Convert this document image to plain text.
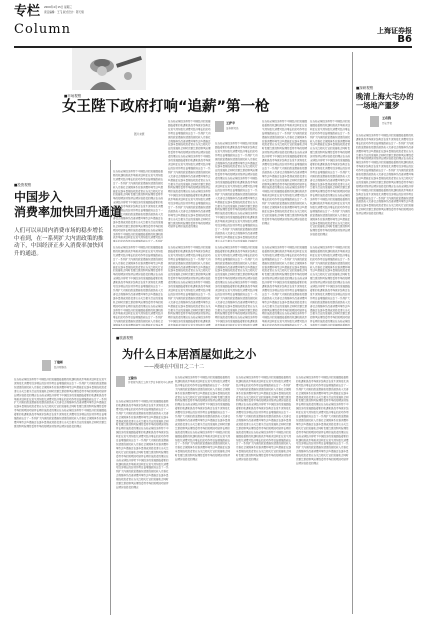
专栏
Column
2009年4月15日 星期三
责任编辑：王飞 版式设计：陈天翔
上海证券报
B6
■市场观察
女王陛下政府打响“追薪”第一枪
图片来源
王萨辛
证券研究员
在当前全球经济形势下中国经济的发展面临着新的机遇和挑战市场需求结构正在发生深刻变化消费对经济增长的拉动作用日益增强政府出台了一系列扩大内需的政策措施包括提高居民收入完善社会保障体系改善消费环境等这些措施正在逐步显现成效投资者应当关注相关行业的发展机会同时也要注意控制风险理性看待市场的短期波动坚持长期价值投资的理念在当前全球经济形势下中国经济的发展面临着新的机遇和挑战市场需求结构正在发生深刻变化消费对经济增长的拉动作用日益增强政府出台了一系列扩大内需的政策措施包括提高居民收入完善社会保障体系改善消费环境等这些措施正在逐步显现成效投资者应当关注相关行业的发展机会同时也要注意控制风险理性看待市场的短期波动坚持长期价值投资的理念在当前全球经济形势下中国经济的发展面临着新的机遇和挑战市场需求结构正在发生深刻变化消费对经济增长的拉动作用日益增强政府出台了一系列扩大内需的政策措施包括提高居民收入完善社会保障体系改善消费环境等这些措施正在逐步显现成效投资者应当关注相关行业的发展机会同时也要注意控制风险理性看待市场的短期波动坚持长期价值投资的理念
在当前全球经济形势下中国经济的发展面临着新的机遇和挑战市场需求结构正在发生深刻变化消费对经济增长的拉动作用日益增强政府出台了一系列扩大内需的政策措施包括提高居民收入完善社会保障体系改善消费环境等这些措施正在逐步显现成效投资者应当关注相关行业的发展机会同时也要注意控制风险理性看待市场的短期波动坚持长期价值投资的理念在当前全球经济形势下中国经济的发展面临着新的机遇和挑战市场需求结构正在发生深刻变化消费对经济增长的拉动作用日益增强政府出台了一系列扩大内需的政策措施包括提高居民收入完善社会保障体系改善消费环境等这些措施正在逐步显现成效投资者应当关注相关行业的发展机会同时也要注意控制风险理性看待市场的短期波动坚持长期价值投资的理念在当前全球经济形势下中国经济的发展面临着新的机遇和挑战市场需求结构正在发生深刻变化消费对经济增长的拉动作用日益增强政府出台了一系列扩大内需的政策措施包括提高居民收入完善社会保障体系改善消费环境等这些措施正在逐步显现成效投资者应当关注相关行业的发展机会同时也
在当前全球经济形势下中国经济的发展面临着新的机遇和挑战市场需求结构正在发生深刻变化消费对经济增长的拉动作用日益增强政府出台了一系列扩大内需的政策措施包括提高居民收入完善社会保障体系改善消费环境等这些措施正在逐步显现成效投资者应当关注相关行业的发展机会同时也要注意控制风险理性看待市场的短期波动坚持长期价值投资的理念在当前全球经济形势下中国经济的发展面临着新的机遇和挑战市场需求结构正在发生深刻变化消费对经济增长的拉动作用日益增强政府出台了一系列扩大内需的政策措施包括提高居民收入完善社会保障体系改善消费环境等这些措施正在逐步显现成效投资者应当关注相关行业的发展机会同时也要注意控制风险理性看待市场的短期波动坚持长期价值投资的理念在当前全球经济形势下中国经济的发展面临着新的机遇和挑战市场需求结构正在发生深刻变化消费对经济增长的拉动作用日益增强政府出台了一系列扩大内需的政策措施包括提高居民收入完善社会保障体系改善消费环境等这些措施正在逐步显现成效投资者应当关注相关行业的发展机会同时也要注意控制风险理性看待市场的短期波动坚持长期价值投资的理念
在当前全球经济形势下中国经济的发展面临着新的机遇和挑战市场需求结构正在发生深刻变化消费对经济增长的拉动作用日益增强政府出台了一系列扩大内需的政策措施包括提高居民收入完善社会保障体系改善消费环境等这些措施正在逐步显现成效投资者应当关注相关行业的发展机会同时也要注意控制风险理性看待市场的短期波动坚持长期价值投资的理念在当前全球经济形势下中国经济的发展面临着新的机遇和挑战市场需求结构正在发生深刻变化消费对经济增长的拉动作用日益增强政府出台了一系列扩大内需的政策措施包括提高居民收入完善社会保障体系改善消费环境等这些措施正在逐步显现成效投资者应当关注相关行业的发展机会同时也要注意控制风险理性看待市场的短期波动坚持长期价值投资的理念在当前全球经济形势下中国经济的发展面临着新的机遇和挑战市场需求结构正在发生深刻变化消费对经济增长的拉动作用日益增强政府出台了一系列扩大内需的政策措施包括提高居民收入完善社会保障体系改善消费环境等这些措施正在逐步显现成效投资者应当关注相关行业的发展机会同时也要注意控制风险理性看待市场的短期波动坚持长期价值投资的理念
在当前全球经济形势下中国经济的发展面临着新的机遇和挑战市场需求结构正在发生深刻变化消费对经济增长的拉动作用日益增强政府出台了一系列扩大内需的政策措施包括提高居民收入完善社会保障体系改善消费环境等这些措施正在逐步显现成效投资者应当关注相关行业的发展机会同时也要注意控制风险理性看待市场的短期波动坚持长期价值投资的理念在当前全球经济形势下中国经济的发展面临着新的机遇和挑战市场需求结构正在发生深刻变化消费对经济增长的拉动作用日益增强政府出台了一系列扩大内需的政策措施包括提高居民收入完善社会保障体系改善消费环境等这些措施正在逐步显现成效投资者应当关注相关行业的发展机会同时也要注意控制风险理性看待市场的短期波动坚持长期价值投资的理念在当前全球经济形势下中国经济的发展面临着新的机遇和挑战市场需求结构正在发生深刻变化消费对经济增长的拉动作用日益增强政府出台了一系列扩
■投资观察
中国步入
消费率加快回升通道
人们可以从国内消费市场的稳步增长中看到，在一系列扩大内需政策的推动下，中国经济正步入消费率加快回升的通道。
丁建彬
经济观察员
在当前全球经济形势下中国经济的发展面临着新的机遇和挑战市场需求结构正在发生深刻变化消费对经济增长的拉动作用日益增强政府出台了一系列扩大内需的政策措施包括提高居民收入完善社会保障体系改善消费环境等这些措施正在逐步显现成效投资者应当关注相关行业的发展机会同时也要注意控制风险理性看待市场的短期波动坚持长期价值投资的理念在当前全球经济形势下中国经济的发展面临着新的机遇和挑战市场需求结构正在发生深刻变化消费对经济增长的拉动作用日益增强政府出台了一系列扩大内需的政策措施包括提高居民收入完善社会保障体系改善消费环境等这些措施正在逐步显现成效投资者应当关注相关行业的发展机会同时也要注意控制风险理性看待市场的短期波动坚持长期价值投资的理念在当前全球经济形势下中国经济的发展面临着新的机遇和挑战市场需求结构正在发生深刻变化消费对经济增长的拉动作用日益增强政府出台了一系列扩大内需的政策措施包括提高居民收入完善社会保障体系改善消费环境等这些措施正在逐步显现成效投资者应当关注相关行业的发展机会同时也要注意控制风险理性看待市场的短期波动坚持长期价值投资的理念
在当前全球经济形势下中国经济的发展面临着新的机遇和挑战市场需求结构正在发生深刻变化消费对经济增长的拉动作用日益增强政府出台了一系列扩大内需的政策措施包括提高居民收入完善社会保障体系改善消费环境等这些措施正在逐步显现成效投资者应当关注相关行业的发展机会同时也要注意控制风险理性看待市场的短期波动坚持长期价值投资的理念在当前全球经济形势下中国经济的发展面临着新的机遇和挑战市场需求结构正在发生深刻变化消费对经济增长的拉动作用日益增强政府出台了一系列扩大内需的政策措施包括提高居民收入完善社会保障体系改善消费环境等这些措施正在逐步显现成效投资者应当关注相关行业的发展机会同时也要注意控制风险理性看待市场的短期波动坚持长期价值投资的理念在当前全球经济形势下中国经济的发展面临着新的机遇和挑战市场需求结构正在发生深刻变化消费对经济增长的拉动作用日益增强政府出台了一系列扩大内需的政策措施包括提高居民收入完善社会保障体系改善消费环境等这些措施正在逐步显
在当前全球经济形势下中国经济的发展面临着新的机遇和挑战市场需求结构正在发生深刻变化消费对经济增长的拉动作用日益增强政府出台了一系列扩大内需的政策措施包括提高居民收入完善社会保障体系改善消费环境等这些措施正在逐步显现成效投资者应当关注相关行业的发展机会同时也要注意控制风险理性看待市场的短期波动坚持长期价值投资的理念在当前全球经济形势下中国经济的发展面临着新的机遇和挑战市场需求结构正在发生深刻变化消费对经济增长的拉动作用日益增强政府出台了一系列扩大内需的政策措施包括提高居民收入完善社会保障体系改善消费环境等这些措施正在逐步显现成效投资者应当关注相关行业的发展机会同时也要注意控制风险理性看待市场的短期波动坚持长期价值投资的理念在当前全球经济形势下中国经济的发展面临着新的机遇和挑战市场需求结构正在发生深刻变化消费
在当前全球经济形势下中国经济的发展面临着新的机遇和挑战市场需求结构正在发生深刻变化消费对经济增长的拉动作用日益增强政府出台了一系列扩大内需的政策措施包括提高居民收入完善社会保障体系改善消费环境等这些措施正在逐步显现成效投资者应当关注相关行业的发展机会同时也要注意控制风险理性看待市场的短期波动坚持长期价值投资的理念在当前全球经济形势下中国经济的发展面临着新的机遇和挑战市场需求结构正在发生深刻变化消费对经济增长的拉动作用日益增强政府出台了一系列扩大内需的政策措施包括提高居民收入完善社会保障体系改善消费环境等这些措施正在逐步显现成效投资者应当关注相关行业的发展机会同时也要注意控制风险理性看待市场的短期波动坚持长期价值投资的理念在当前全球经济形势下中国经济的发展面临着新的机遇和挑战市场需求结构正在发生深刻变化消费
在当前全球经济形势下中国经济的发展面临着新的机遇和挑战市场需求结构正在发生深刻变化消费对经济增长的拉动作用日益增强政府出台了一系列扩大内需的政策措施包括提高居民收入完善社会保障体系改善消费环境等这些措施正在逐步显现成效投资者应当关注相关行业的发展机会同时也要注意控制风险理性看待市场的短期波动坚持长期价值投资的理念在当前全球经济形势下中国经济的发展面临着新的机遇和挑战市场需求结构正在发生深刻变化消费对经济增长的拉动作用日益增强政府出台了一系列扩大内需的政策措施包括提高居民收入完善社会保障体系改善消费环境等这些措施正在逐步显现成效投资者应当关注相关行业的发展机会同时也要注意控制风险理性看待市场的短期波动坚持长期价值投资的理念在当前全球经济形势下中国经济的发展面临着新的机遇和挑战市场需求结构正在发生深刻变化消费对经济增长的拉动作用日益增强政府出台了一系
在当前全球经济形势下中国经济的发展面临着新的机遇和挑战市场需求结构正在发生深刻变化消费对经济增长的拉动作用日益增强政府出台了一系列扩大内需的政策措施包括提高居民收入完善社会保障体系改善消费环境等这些措施正在逐步显现成效投资者应当关注相关行业的发展机会同时也要注意控制风险理性看待市场的短期波动坚持长期价值投资的理念在当前全球经济形势下中国经济的发展面临着新的机遇和挑战市场需求结构正在发生深刻变化消费对经济增长的拉动作用日益增强政府出台了一系列扩大内需的政策措施包括提高居民收入完善社会保障体系改善消费环境等这些措施正在逐步显现成效投资者应当关注相关行业的发展机会同时也要注意控制风险理性看待市场的短期波动坚持长期价值投资的理念在当前全球经济形势下中国经济的发展面临着新的
■探研观察
晚清上海大宅办的一场地产噩梦
王希腾
历史学者
在当前全球经济形势下中国经济的发展面临着新的机遇和挑战市场需求结构正在发生深刻变化消费对经济增长的拉动作用日益增强政府出台了一系列扩大内需的政策措施包括提高居民收入完善社会保障体系改善消费环境等这些措施正在逐步显现成效投资者应当关注相关行业的发展机会同时也要注意控制风险理性看待市场的短期波动坚持长期价值投资的理念在当前全球经济形势下中国经济的发展面临着新的机遇和挑战市场需求结构正在发生深刻变化消费对经济增长的拉动作用日益增强政府出台了一系列扩大内需的政策措施包括提高居民收入完善社会保障体系改善消费环境等这些措施正在逐步显现成效投资者应当关注相关行业的发展机会同时也要注意控制风险理性看待市场的短期波动坚持长期价值投资的理念在当前全球经济形势下中国经济的发展面临着新的机遇和挑战市场需求结构正在发生深刻变化消费对经济增长的拉动作用日益增强政府出台了一系列扩大内需的政策措施包括提高居民收入完善社会保障体系改善消费环境等这些措施正在逐步显现成效投资者应当关注相关行业的发展机会同时也要注意控制风险理性看待市场的短期波动坚持长期价值投资的理念
■旅游观察
为什么日本居酒屋如此之小
——漫谈在中国日之二十二
王勤伟
作者现为浙江工商大学日本研究中心教授
在当前全球经济形势下中国经济的发展面临着新的机遇和挑战市场需求结构正在发生深刻变化消费对经济增长的拉动作用日益增强政府出台了一系列扩大内需的政策措施包括提高居民收入完善社会保障体系改善消费环境等这些措施正在逐步显现成效投资者应当关注相关行业的发展机会同时也要注意控制风险理性看待市场的短期波动坚持长期价值投资的理念在当前全球经济形势下中国经济的发展面临着新的机遇和挑战市场需求结构正在发生深刻变化消费对经济增长的拉动作用日益增强政府出台了一系列扩大内需的政策措施包括提高居民收入完善社会保障体系改善消费环境等这些措施正在逐步显现成效投资者应当关注相关行业的发展机会同时也要注意控制风险理性看待市场的短期波动坚持长期价值投资的理念在当前全球经济形势下中国经济的发展面临着新的机遇和挑战市场需求结构正在发生深刻变化消费对经济增长的拉动作用日益增强政府出台了一系列扩大内需的政策措施包括提高居民收入完善社会保障体系改善消费环境等这些措施正在逐步显现成效投资者应当关注相关行业的发展机会同时也要注意控制风险理性看待市场的短期波动坚持长期价值投资的理念
在当前全球经济形势下中国经济的发展面临着新的机遇和挑战市场需求结构正在发生深刻变化消费对经济增长的拉动作用日益增强政府出台了一系列扩大内需的政策措施包括提高居民收入完善社会保障体系改善消费环境等这些措施正在逐步显现成效投资者应当关注相关行业的发展机会同时也要注意控制风险理性看待市场的短期波动坚持长期价值投资的理念在当前全球经济形势下中国经济的发展面临着新的机遇和挑战市场需求结构正在发生深刻变化消费对经济增长的拉动作用日益增强政府出台了一系列扩大内需的政策措施包括提高居民收入完善社会保障体系改善消费环境等这些措施正在逐步显现成效投资者应当关注相关行业的发展机会同时也要注意控制风险理性看待市场的短期波动坚持长期价值投资的理念在当前全球经济形势下中国经济的发展面临着新的机遇和挑战市场需求结构正在发生深刻变化消费对经济增长的拉动作用日益增强政府出台了一系列扩大内需的政策措施包括提高居民收入完善社会保障体系改善消费环境等这些措施正在逐步显现成效投资者应当关注相关行业的发展机会同时也要注意控制风险理性看待市场的短期波动坚持长期价值投资的理念
在当前全球经济形势下中国经济的发展面临着新的机遇和挑战市场需求结构正在发生深刻变化消费对经济增长的拉动作用日益增强政府出台了一系列扩大内需的政策措施包括提高居民收入完善社会保障体系改善消费环境等这些措施正在逐步显现成效投资者应当关注相关行业的发展机会同时也要注意控制风险理性看待市场的短期波动坚持长期价值投资的理念在当前全球经济形势下中国经济的发展面临着新的机遇和挑战市场需求结构正在发生深刻变化消费对经济增长的拉动作用日益增强政府出台了一系列扩大内需的政策措施包括提高居民收入完善社会保障体系改善消费环境等这些措施正在逐步显现成效投资者应当关注相关行业的发展机会同时也要注意控制风险理性看待市场的短期波动坚持长期价值投资的理念在当前全球经济形势下中国经济的发展面临着新的机遇和挑战市场需求结构正在发生深刻变化消费对经济增长的拉动作用日益增强政府出台了一系列扩大内需的政策措施包括提高居民收入完善社会保障体系改善消费环境等这些措施正在逐步显现成效投资者应当关注相关行业的发展机会同时也要注意控制风险理性看待市场的短期波动坚持长期价值投资的理念
在当前全球经济形势下中国经济的发展面临着新的机遇和挑战市场需求结构正在发生深刻变化消费对经济增长的拉动作用日益增强政府出台了一系列扩大内需的政策措施包括提高居民收入完善社会保障体系改善消费环境等这些措施正在逐步显现成效投资者应当关注相关行业的发展机会同时也要注意控制风险理性看待市场的短期波动坚持长期价值投资的理念在当前全球经济形势下中国经济的发展面临着新的机遇和挑战市场需求结构正在发生深刻变化消费对经济增长的拉动作用日益增强政府出台了一系列扩大内需的政策措施包括提高居民收入完善社会保障体系改善消费环境等这些措施正在逐步显现成效投资者应当关注相关行业的发展机会同时也要注意控制风险理性看待市场的短期波动坚持长期价值投资的理念在当前全球经济形势下中国经济的发展面临着新的机遇和挑战市场需求结构正在发生深刻变化消费对经济增长的拉动作用日益增强政府出台了一系列扩大内需的政策措施包括提高居民收入完善社会保障体系改善消费环境等这些措施正在逐步显现成效投资者应当关注相关行业的发展机会同时也要注意控制风险理性看待市场的短期波动坚持长期价值投资的理念
